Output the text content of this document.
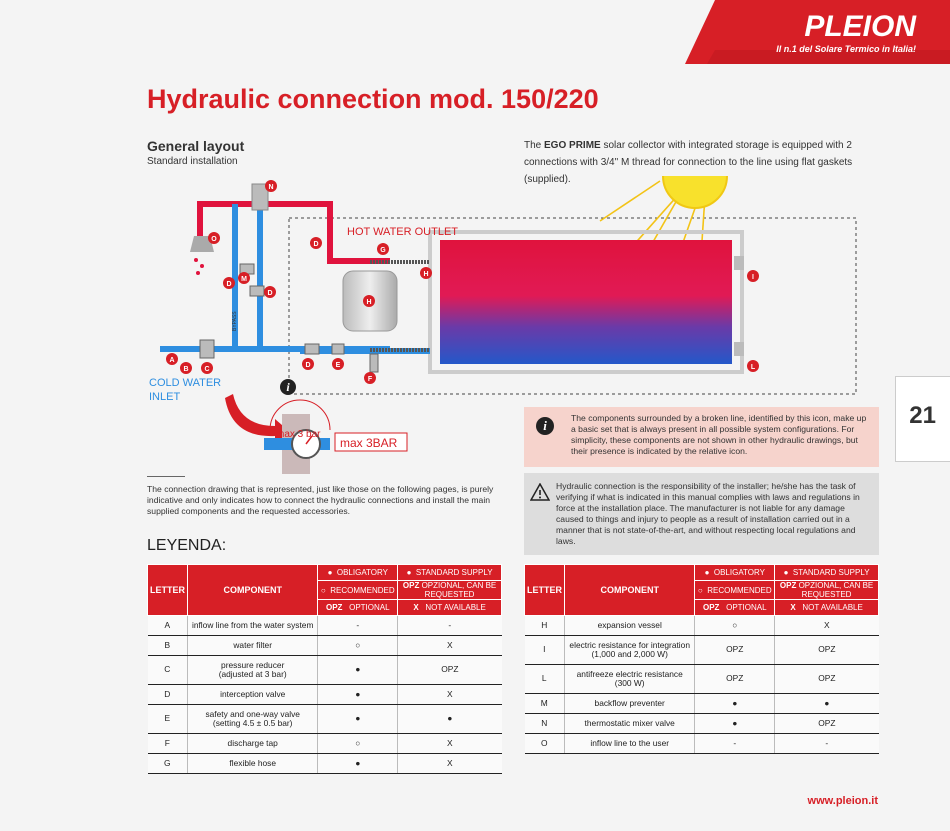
PLEION
Il n.1 del Solare Termico in Italia!
Hydraulic connection mod. 150/220
General layout
Standard installation
The EGO PRIME solar collector with integrated storage is equipped with 2 connections with 3/4" M thread for connection to the line using flat gaskets (supplied).
N
O
D
G
H
H
I
L
M
D
D
A
B C
D	E
F
i
HOT WATER OUTLET
COLD WATER INLET
BYPASS
max 3 bar
max 3BAR
21
i	The components surrounded by a broken line, identified by this icon, make up a basic set that is always present in all possible system configurations. For simplicity, these components are not shown in other hydraulic drawings, but their presence is indicated by the relative icon.
Hydraulic connection is the responsibility of the installer; he/she has the task of verifying if what is indicated in this manual complies with laws and regulations in force at the installation place. The manufacturer is not liable for any damage caused to things and injury to people as a result of installation carried out in a manner that is not state-of-the-art, and without respecting local regulations and laws.
The connection drawing that is represented, just like those on the following pages, is purely indicative and only indicates how to connect the hydraulic connections and install the main supplied components and the requested accessories.
LEYENDA:
LETTER	COMPONENT	● OBLIGATORY	● STANDARD SUPPLY
		○ RECOMMENDED	OPZ OPZIONAL, CAN BE REQUESTED
		OPZ OPTIONAL	X NOT AVAILABLE
A	inflow line from the water system	-	-
B	water filter	○	X
C	pressure reducer
(adjusted at 3 bar)	●	OPZ
D	interception valve	●	X
E	safety and one-way valve
(setting 4.5 ± 0.5 bar)	●	●
F	discharge tap	○	X
G	flexible hose	●	X
LETTER	COMPONENT	● OBLIGATORY	● STANDARD SUPPLY
		○ RECOMMENDED	OPZ OPZIONAL, CAN BE REQUESTED
		OPZ OPTIONAL	X NOT AVAILABLE
H	expansion vessel	○	X
I	electric resistance for integration
(1,000 and 2,000 W)	OPZ	OPZ
L	antifreeze electric resistance
(300 W)	OPZ	OPZ
M	backflow preventer	●	●
N	thermostatic mixer valve	●	OPZ
O	inflow line to the user	-	-
www.pleion.it
